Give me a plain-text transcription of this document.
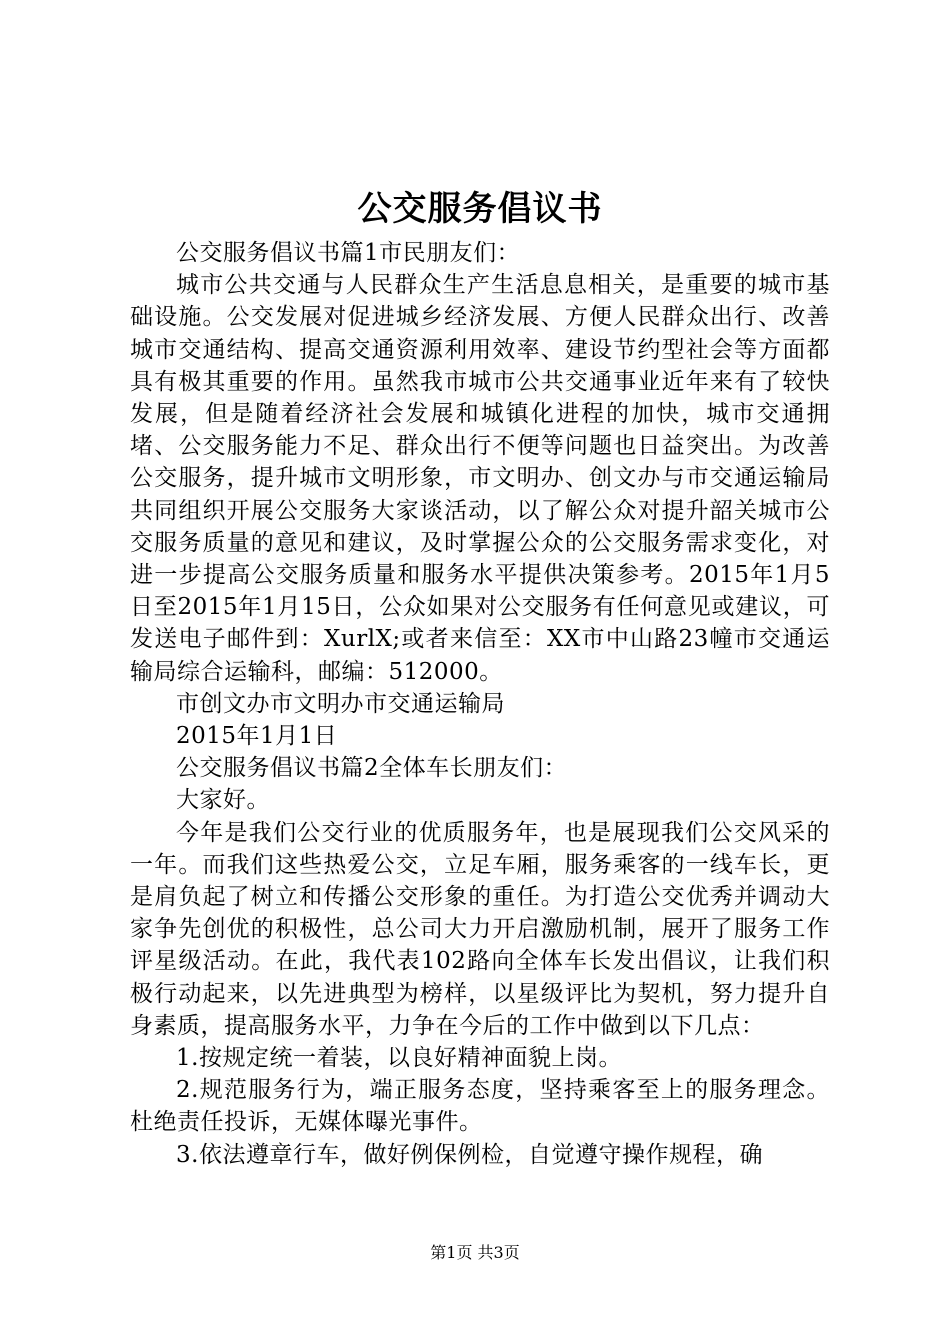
公交服务倡议书

公交服务倡议书篇1市民朋友们：

城市公共交通与人民群众生产生活息息相关，是重要的城市基础设施。公交发展对促进城乡经济发展、方便人民群众出行、改善城市交通结构、提高交通资源利用效率、建设节约型社会等方面都具有极其重要的作用。虽然我市城市公共交通事业近年来有了较快发展，但是随着经济社会发展和城镇化进程的加快，城市交通拥堵、公交服务能力不足、群众出行不便等问题也日益突出。为改善公交服务，提升城市文明形象，市文明办、创文办与市交通运输局共同组织开展公交服务大家谈活动，以了解公众对提升韶关城市公交服务质量的意见和建议，及时掌握公众的公交服务需求变化，对进一步提高公交服务质量和服务水平提供决策参考。2015年1月5日至2015年1月15日，公众如果对公交服务有任何意见或建议，可发送电子邮件到：XurlX;或者来信至：XX市中山路23幢市交通运输局综合运输科，邮编：512000。

市创文办市文明办市交通运输局

2015年1月1日

公交服务倡议书篇2全体车长朋友们：

大家好。

今年是我们公交行业的优质服务年，也是展现我们公交风采的一年。而我们这些热爱公交，立足车厢，服务乘客的一线车长，更是肩负起了树立和传播公交形象的重任。为打造公交优秀并调动大家争先创优的积极性，总公司大力开启激励机制，展开了服务工作评星级活动。在此，我代表102路向全体车长发出倡议，让我们积极行动起来，以先进典型为榜样，以星级评比为契机，努力提升自身素质，提高服务水平，力争在今后的工作中做到以下几点：

1.按规定统一着装，以良好精神面貌上岗。

2.规范服务行为，端正服务态度，坚持乘客至上的服务理念。杜绝责任投诉，无媒体曝光事件。

3.依法遵章行车，做好例保例检，自觉遵守操作规程，确

第1页 共3页
